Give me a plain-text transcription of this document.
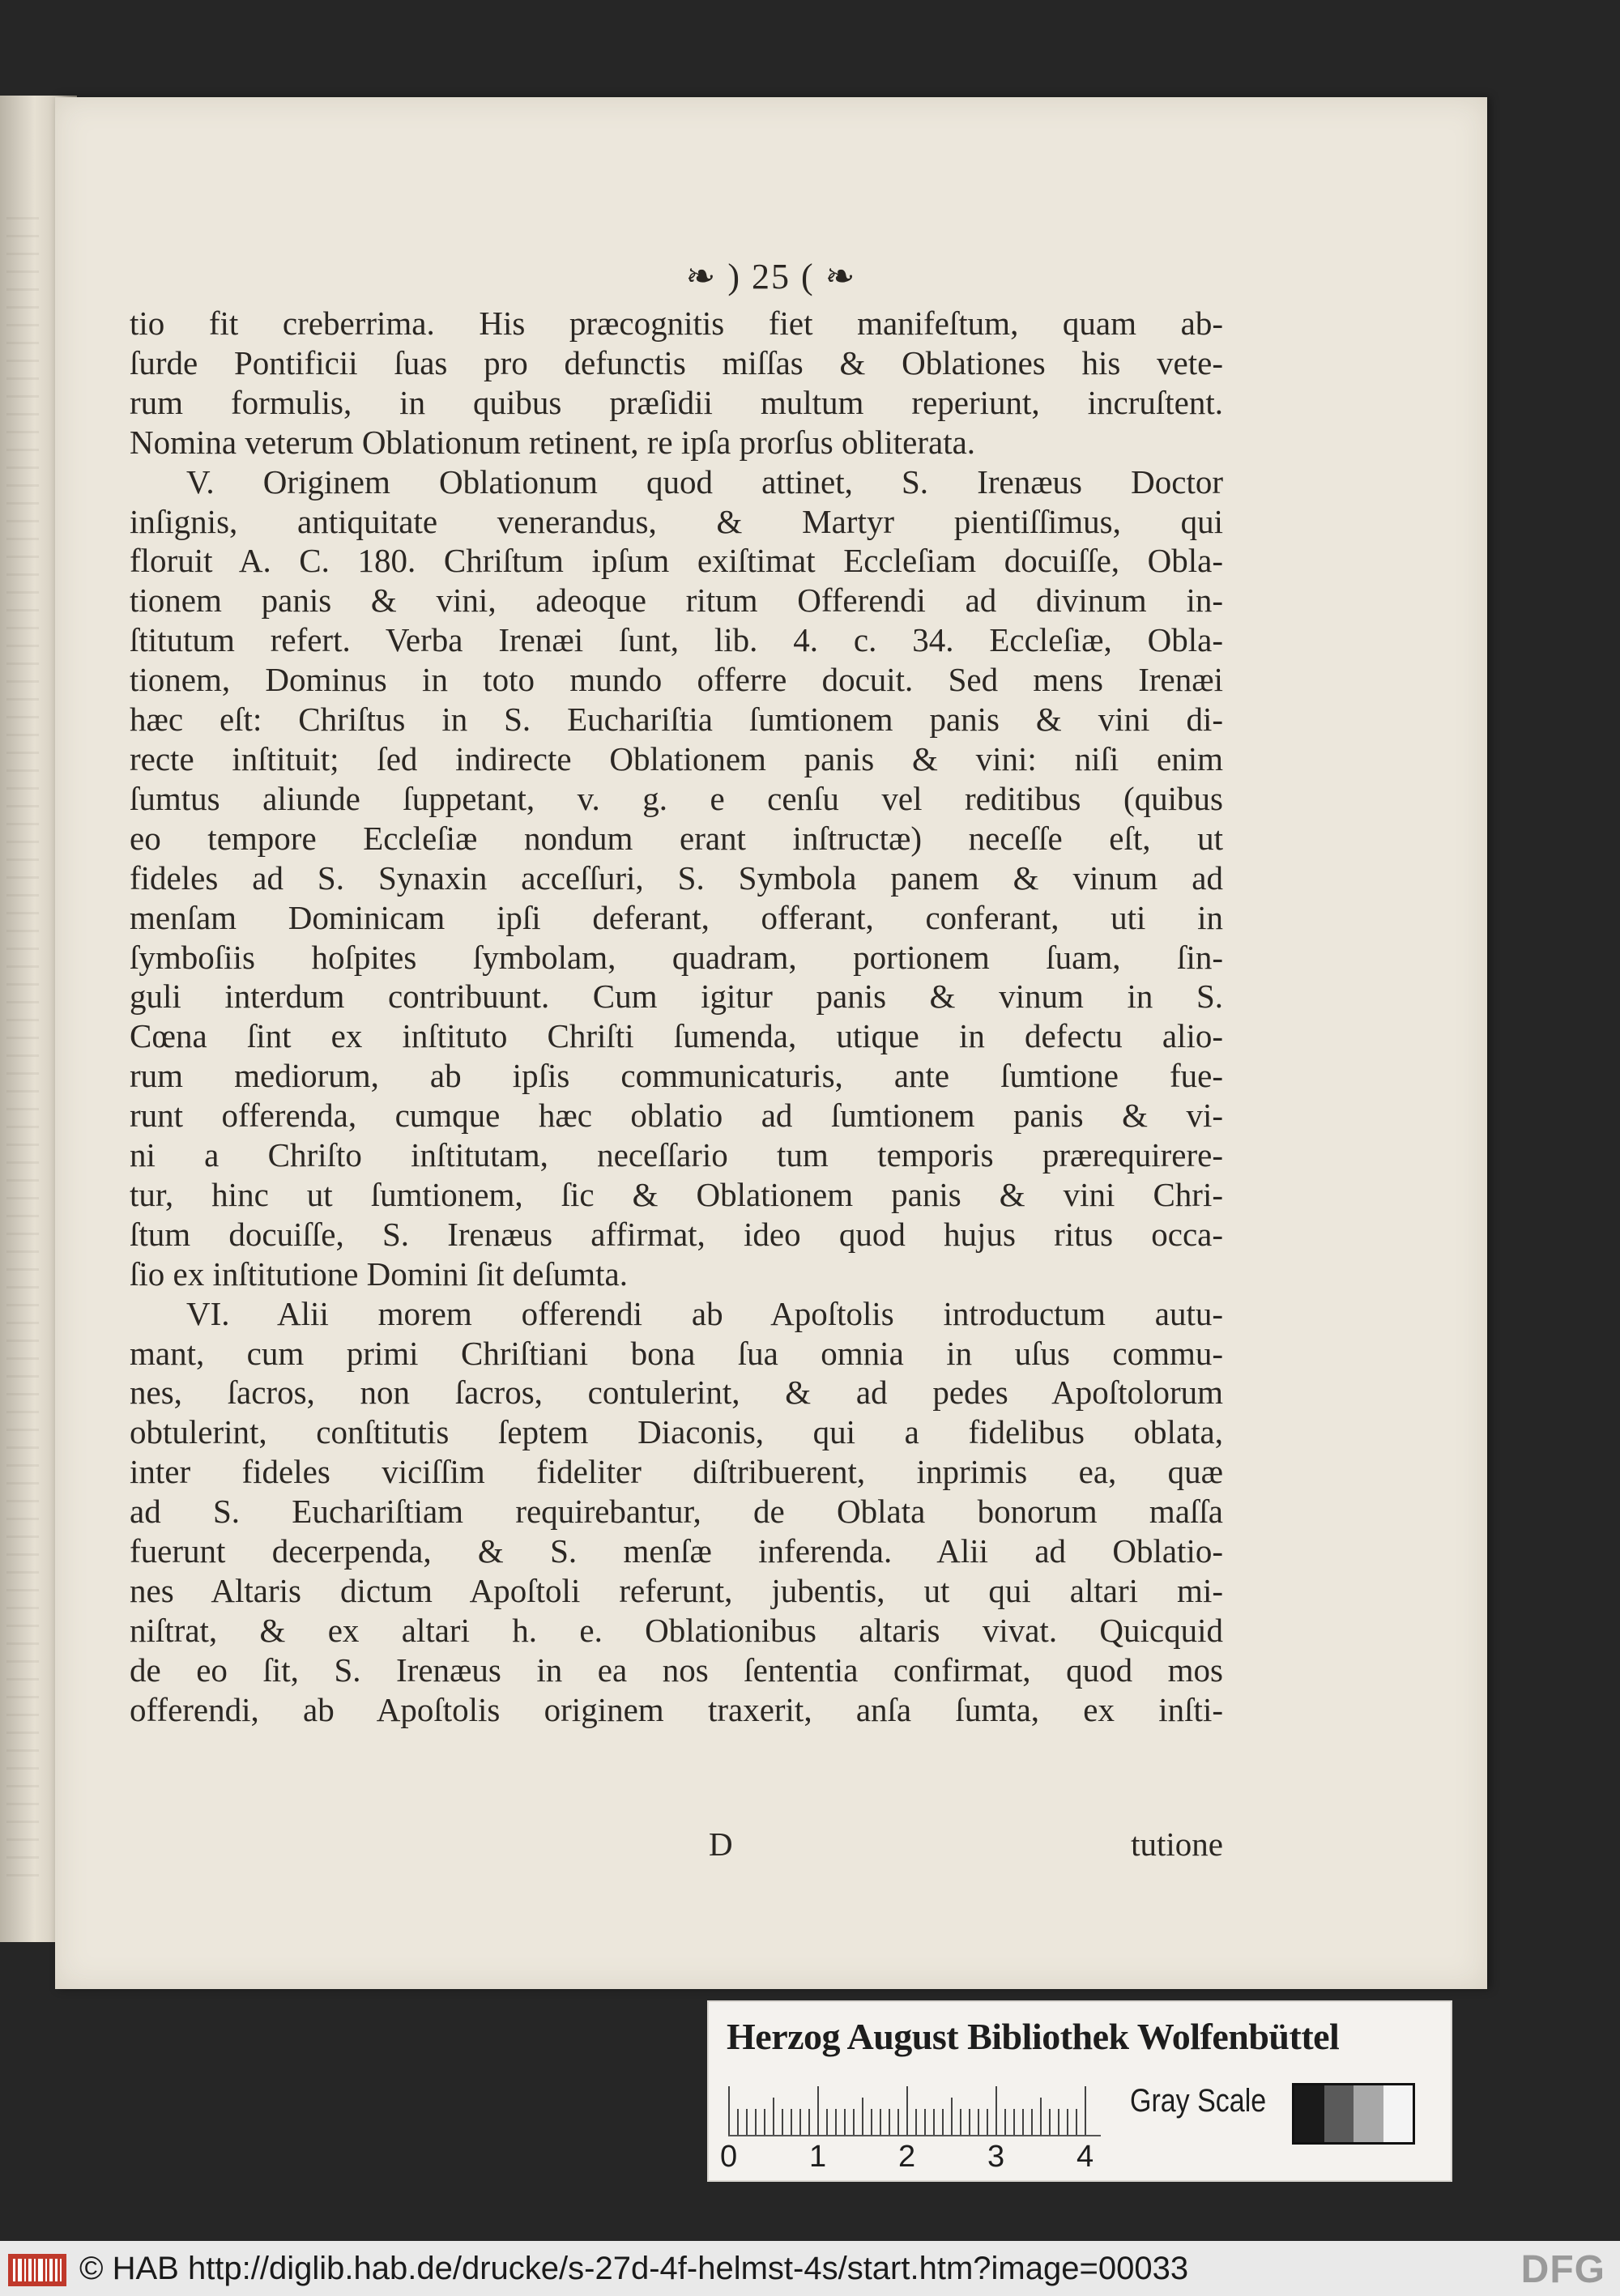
❧ ) 25 ( ❧
tio fit creberrima. His præcognitis fiet manifeſtum, quam ab-
ſurde Pontificii ſuas pro defunctis miſſas & Oblationes his vete-
rum formulis, in quibus præſidii multum reperiunt, incruſtent.
Nomina veterum Oblationum retinent, re ipſa prorſus obliterata.
V. Originem Oblationum quod attinet, S. Irenæus Doctor
inſignis, antiquitate venerandus, & Martyr pientiſſimus, qui
floruit A. C. 180. Chriſtum ipſum exiſtimat Eccleſiam docuiſſe, Obla-
tionem panis & vini, adeoque ritum Offerendi ad divinum in-
ſtitutum refert. Verba Irenæi ſunt, lib. 4. c. 34. Eccleſiæ, Obla-
tionem, Dominus in toto mundo offerre docuit. Sed mens Irenæi
hæc eſt: Chriſtus in S. Euchariſtia ſumtionem panis & vini di-
recte inſtituit; ſed indirecte Oblationem panis & vini: niſi enim
ſumtus aliunde ſuppetant, v. g. e cenſu vel reditibus (quibus
eo tempore Eccleſiæ nondum erant inſtructæ) neceſſe eſt, ut
fideles ad S. Synaxin acceſſuri, S. Symbola panem & vinum ad
menſam Dominicam ipſi deferant, offerant, conferant, uti in
ſymboſiis hoſpites ſymbolam, quadram, portionem ſuam, ſin-
guli interdum contribuunt. Cum igitur panis & vinum in S.
Cœna ſint ex inſtituto Chriſti ſumenda, utique in defectu alio-
rum mediorum, ab ipſis communicaturis, ante ſumtione fue-
runt offerenda, cumque hæc oblatio ad ſumtionem panis & vi-
ni a Chriſto inſtitutam, neceſſario tum temporis prærequirere-
tur, hinc ut ſumtionem, ſic & Oblationem panis & vini Chri-
ſtum docuiſſe, S. Irenæus affirmat, ideo quod hujus ritus occa-
ſio ex inſtitutione Domini ſit deſumta.
VI. Alii morem offerendi ab Apoſtolis introductum autu-
mant, cum primi Chriſtiani bona ſua omnia in uſus commu-
nes, ſacros, non ſacros, contulerint, & ad pedes Apoſtolorum
obtulerint, conſtitutis ſeptem Diaconis, qui a fidelibus oblata,
inter fideles viciſſim fideliter diſtribuerent, inprimis ea, quæ
ad S. Euchariſtiam requirebantur, de Oblata bonorum maſſa
fuerunt decerpenda, & S. menſæ inferenda. Alii ad Oblatio-
nes Altaris dictum Apoſtoli referunt, jubentis, ut qui altari mi-
niſtrat, & ex altari h. e. Oblationibus altaris vivat. Quicquid
de eo ſit, S. Irenæus in ea nos ſententia confirmat, quod mos
offerendi, ab Apoſtolis originem traxerit, anſa ſumta, ex inſti-
D	tutione
Herzog August Bibliothek Wolfenbüttel
0 1 2 3 4
Gray Scale
© HAB http://diglib.hab.de/drucke/s-27d-4f-helmst-4s/start.htm?image=00033	DFG
